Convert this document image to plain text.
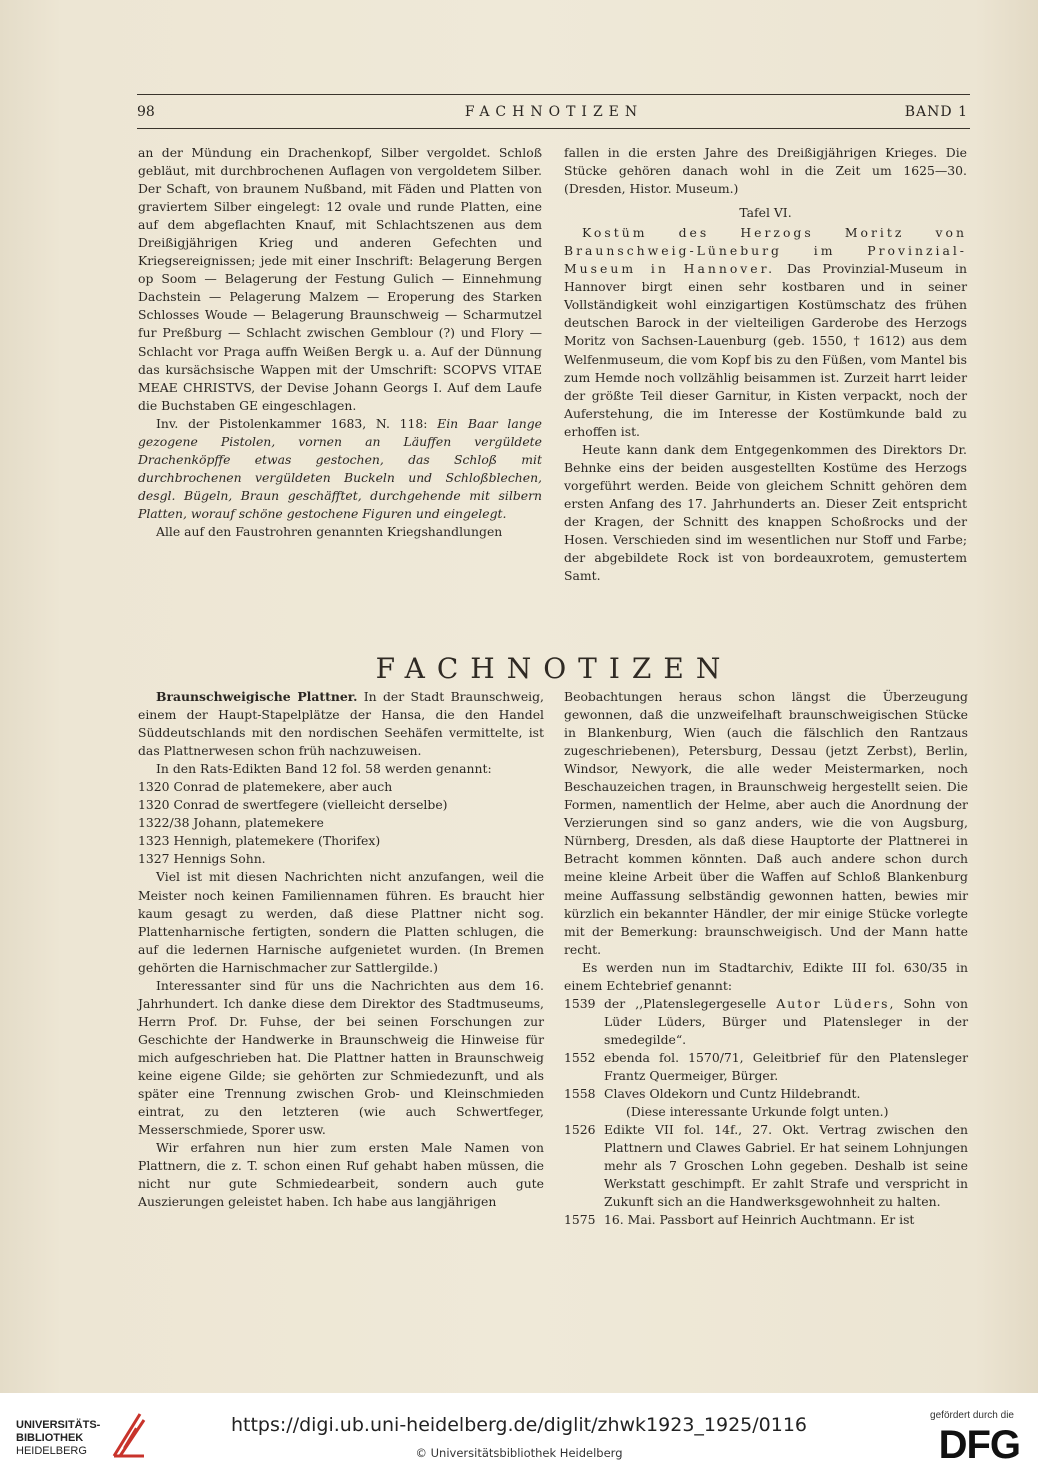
98	FACHNOTIZEN	BAND 1

an der Mündung ein Drachenkopf, Silber vergoldet. Schloß gebläut, mit durchbrochenen Auflagen von vergoldetem Silber. Der Schaft, von braunem Nußband, mit Fäden und Platten von graviertem Silber eingelegt: 12 ovale und runde Platten, eine auf dem abgeflachten Knauf, mit Schlachtszenen aus dem Dreißigjährigen Krieg und anderen Gefechten und Kriegsereignissen; jede mit einer Inschrift: Belagerung Bergen op Soom — Belagerung der Festung Gulich — Einnehmung Dachstein — Pelagerung Malzem — Eroperung des Starken Schlosses Woude — Belagerung Braunschweig — Scharmutzel fur Preßburg — Schlacht zwischen Gemblour (?) und Flory — Schlacht vor Praga auffn Weißen Bergk u. a. Auf der Dünnung das kursächsische Wappen mit der Umschrift: SCOPVS VITAE MEAE CHRISTVS, der Devise Johann Georgs I. Auf dem Laufe die Buchstaben GE eingeschlagen.

Inv. der Pistolenkammer 1683, N. 118: Ein Baar lange gezogene Pistolen, vornen an Läuffen vergüldete Drachenköpffe etwas gestochen, das Schloß mit durchbrochenen vergüldeten Buckeln und Schloßblechen, desgl. Bügeln, Braun geschäfftet, durchgehende mit silbern Platten, worauf schöne gestochene Figuren und eingelegt.

Alle auf den Faustrohren genannten Kriegshandlungen

fallen in die ersten Jahre des Dreißigjährigen Krieges. Die Stücke gehören danach wohl in die Zeit um 1625—30. (Dresden, Histor. Museum.)

Tafel VI.

Kostüm des Herzogs Moritz von Braunschweig-Lüneburg im Provinzial-Museum in Hannover. Das Provinzial-Museum in Hannover birgt einen sehr kostbaren und in seiner Vollständigkeit wohl einzigartigen Kostümschatz des frühen deutschen Barock in der vielteiligen Garderobe des Herzogs Moritz von Sachsen-Lauenburg (geb. 1550, † 1612) aus dem Welfenmuseum, die vom Kopf bis zu den Füßen, vom Mantel bis zum Hemde noch vollzählig beisammen ist. Zurzeit harrt leider der größte Teil dieser Garnitur, in Kisten verpackt, noch der Auferstehung, die im Interesse der Kostümkunde bald zu erhoffen ist.

Heute kann dank dem Entgegenkommen des Direktors Dr. Behnke eins der beiden ausgestellten Kostüme des Herzogs vorgeführt werden. Beide von gleichem Schnitt gehören dem ersten Anfang des 17. Jahrhunderts an. Dieser Zeit entspricht der Kragen, der Schnitt des knappen Schoßrocks und der Hosen. Verschieden sind im wesentlichen nur Stoff und Farbe; der abgebildete Rock ist von bordeauxrotem, gemustertem Samt.

FACHNOTIZEN

Braunschweigische Plattner. In der Stadt Braunschweig, einem der Haupt-Stapelplätze der Hansa, die den Handel Süddeutschlands mit den nordischen Seehäfen vermittelte, ist das Plattnerwesen schon früh nachzuweisen.

In den Rats-Edikten Band 12 fol. 58 werden genannt:

1320 Conrad de platemekere, aber auch

1320 Conrad de swertfegere (vielleicht derselbe)

1322/38 Johann, platemekere

1323 Hennigh, platemekere (Thorifex)

1327 Hennigs Sohn.

Viel ist mit diesen Nachrichten nicht anzufangen, weil die Meister noch keinen Familiennamen führen. Es braucht hier kaum gesagt zu werden, daß diese Plattner nicht sog. Plattenharnische fertigten, sondern die Platten schlugen, die auf die ledernen Harnische aufgenietet wurden. (In Bremen gehörten die Harnischmacher zur Sattlergilde.)

Interessanter sind für uns die Nachrichten aus dem 16. Jahrhundert. Ich danke diese dem Direktor des Stadtmuseums, Herrn Prof. Dr. Fuhse, der bei seinen Forschungen zur Geschichte der Handwerke in Braunschweig die Hinweise für mich aufgeschrieben hat. Die Plattner hatten in Braunschweig keine eigene Gilde; sie gehörten zur Schmiedezunft, und als später eine Trennung zwischen Grob- und Kleinschmieden eintrat, zu den letzteren (wie auch Schwertfeger, Messerschmiede, Sporer usw.

Wir erfahren nun hier zum ersten Male Namen von Plattnern, die z. T. schon einen Ruf gehabt haben müssen, die nicht nur gute Schmiedearbeit, sondern auch gute Auszierungen geleistet haben. Ich habe aus langjährigen

Beobachtungen heraus schon längst die Überzeugung gewonnen, daß die unzweifelhaft braunschweigischen Stücke in Blankenburg, Wien (auch die fälschlich den Rantzaus zugeschriebenen), Petersburg, Dessau (jetzt Zerbst), Berlin, Windsor, Newyork, die alle weder Meistermarken, noch Beschauzeichen tragen, in Braunschweig hergestellt seien. Die Formen, namentlich der Helme, aber auch die Anordnung der Verzierungen sind so ganz anders, wie die von Augsburg, Nürnberg, Dresden, als daß diese Hauptorte der Plattnerei in Betracht kommen könnten. Daß auch andere schon durch meine kleine Arbeit über die Waffen auf Schloß Blankenburg meine Auffassung selbständig gewonnen hatten, bewies mir kürzlich ein bekannter Händler, der mir einige Stücke vorlegte mit der Bemerkung: braunschweigisch. Und der Mann hatte recht.

Es werden nun im Stadtarchiv, Edikte III fol. 630/35 in einem Echtebrief genannt:

1539 der ,,Platenslegergeselle Autor Lüders, Sohn von Lüder Lüders, Bürger und Platensleger in der smedegilde“.
1552 ebenda fol. 1570/71, Geleitbrief für den Platensleger Frantz Quermeiger, Bürger.
1558 Claves Oldekorn und Cuntz Hildebrandt.

(Diese interessante Urkunde folgt unten.)

1526 Edikte VII fol. 14f., 27. Okt. Vertrag zwischen den Plattnern und Clawes Gabriel. Er hat seinem Lohnjungen mehr als 7 Groschen Lohn gegeben. Deshalb ist seine Werkstatt geschimpft. Er zahlt Strafe und verspricht in Zukunft sich an die Handwerksgewohnheit zu halten.
1575 16. Mai. Passbort auf Heinrich Auchtmann. Er ist
UNIVERSITÄTS-
BIBLIOTHEK
HEIDELBERG
https://digi.ub.uni-heidelberg.de/diglit/zhwk1923_1925/0116
© Universitätsbibliothek Heidelberg
gefördert durch die
DFG
